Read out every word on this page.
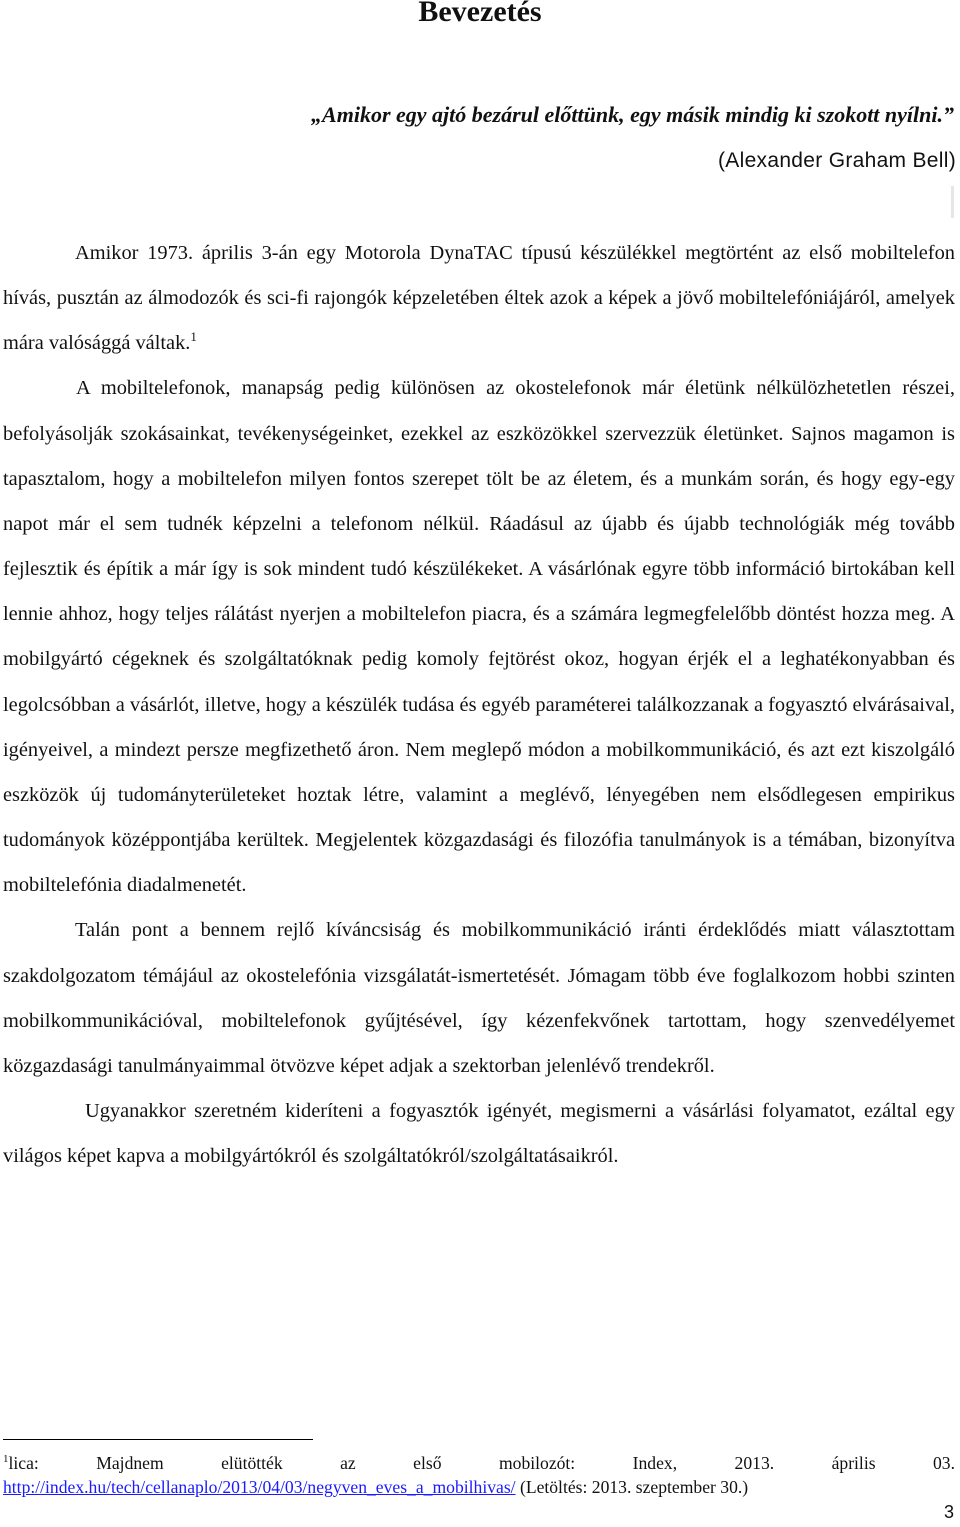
Bevezetés

„Amikor egy ajtó bezárul előttünk, egy másik mindig ki szokott nyílni.”

(Alexander Graham Bell)

Amikor 1973. április 3-án egy Motorola DynaTAC típusú készülékkel megtörtént az első mobiltelefon hívás, pusztán az álmodozók és sci-fi rajongók képzeletében éltek azok a képek a jövő mobiltelefóniájáról, amelyek mára valósággá váltak.$^1$

A mobiltelefonok, manapság pedig különösen az okostelefonok már életünk nélkülözhetetlen részei, befolyásolják szokásainkat, tevékenységeinket, ezekkel az eszközökkel szervezzük életünket. Sajnos magamon is tapasztalom, hogy a mobiltelefon milyen fontos szerepet tölt be az életem, és a munkám során, és hogy egy-egy napot már el sem tudnék képzelni a telefonom nélkül. Ráadásul az újabb és újabb technológiák még tovább fejlesztik és építik a már így is sok mindent tudó készülékeket. A vásárlónak egyre több információ birtokában kell lennie ahhoz, hogy teljes rálátást nyerjen a mobiltelefon piacra, és a számára legmegfelelőbb döntést hozza meg. A mobilgyártó cégeknek és szolgáltatóknak pedig komoly fejtörést okoz, hogyan érjék el a leghatékonyabban és legolcsóbban a vásárlót, illetve, hogy a készülék tudása és egyéb paraméterei találkozzanak a fogyasztó elvárásaival, igényeivel, a mindezt persze megfizethető áron. Nem meglepő módon a mobilkommunikáció, és azt ezt kiszolgáló eszközök új tudományterületeket hoztak létre, valamint a meglévő, lényegében nem elsődlegesen empirikus tudományok középpontjába kerültek. Megjelentek közgazdasági és filozófia tanulmányok is a témában, bizonyítva mobiltelefónia diadalmenetét.

Talán pont a bennem rejlő kíváncsiság és mobilkommunikáció iránti érdeklődés miatt választottam szakdolgozatom témájául az okostelefónia vizsgálatát-ismertetését. Jómagam több éve foglalkozom hobbi szinten mobilkommunikációval, mobiltelefonok gyűjtésével, így kézenfekvőnek tartottam, hogy szenvedélyemet közgazdasági tanulmányaimmal ötvözve képet adjak a szektorban jelenlévő trendekről.

Ugyanakkor szeretném kideríteni a fogyasztók igényét, megismerni a vásárlási folyamatot, ezáltal egy világos képet kapva a mobilgyártókról és szolgáltatókról/szolgáltatásaikról.

$^1$lica: Majdnem elütötték az első mobilozót: Index, 2013. április 03. http://index.hu/tech/cellanaplo/2013/04/03/negyven_eves_a_mobilhivas/ (Letöltés: 2013. szeptember 30.)

3
